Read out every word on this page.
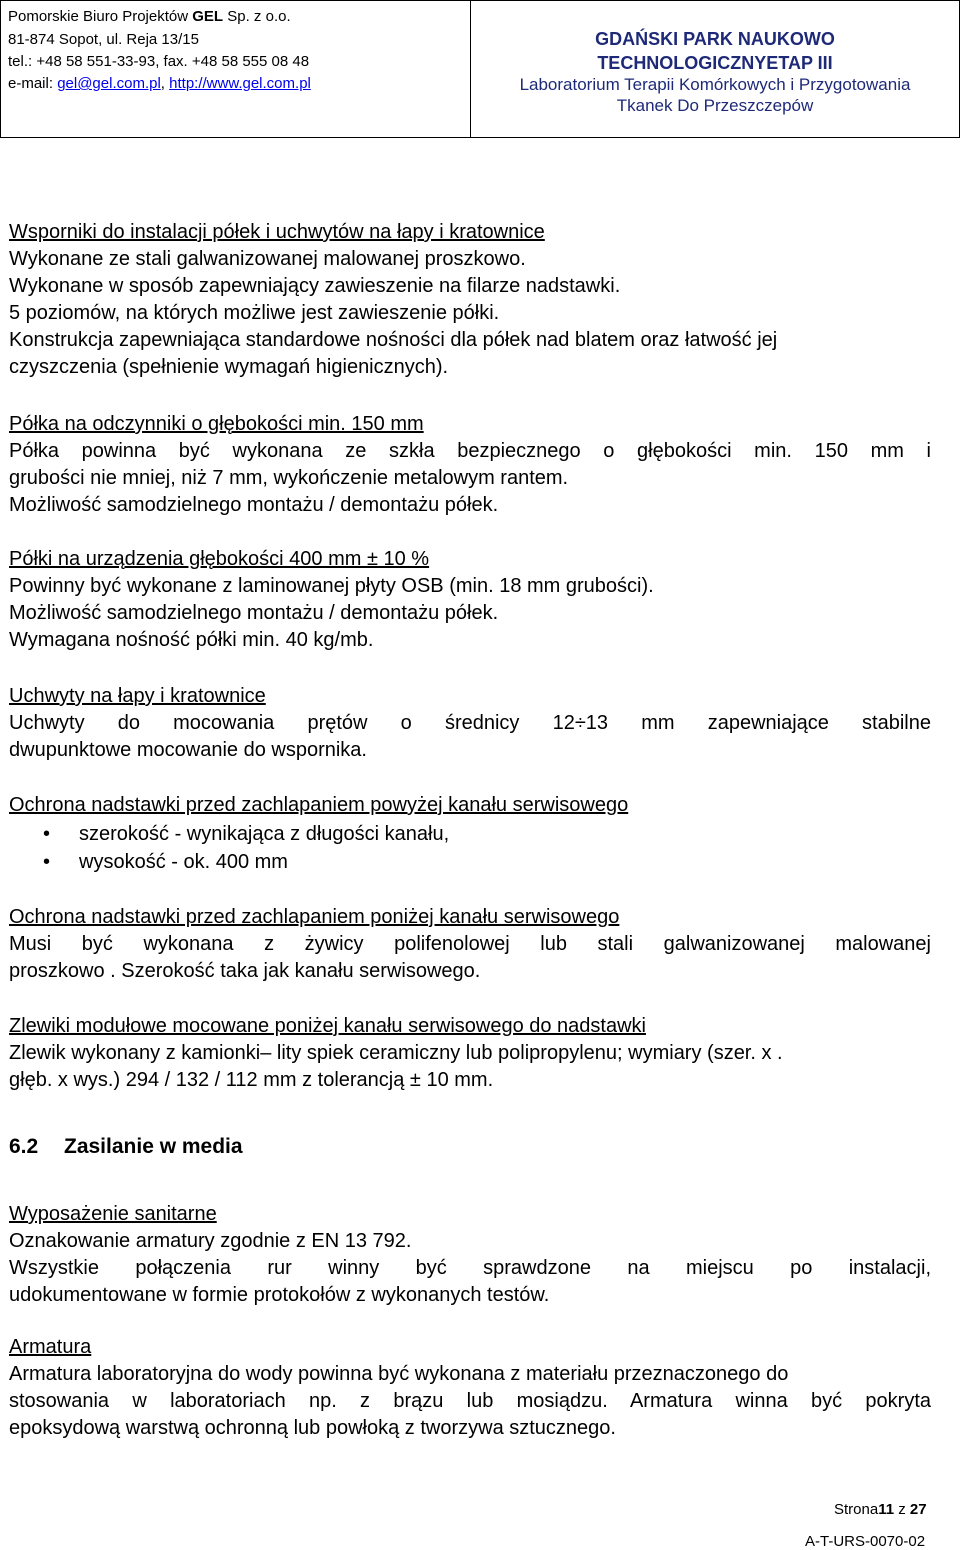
Pomorskie Biuro Projektów GEL Sp. z o.o.
81-874 Sopot, ul. Reja 13/15
tel.: +48 58 551-33-93, fax. +48 58 555 08 48
e-mail: gel@gel.com.pl, http://www.gel.com.pl
GDAŃSKI PARK NAUKOWO
TECHNOLOGICZNYETAP III
Laboratorium Terapii Komórkowych i Przygotowania
Tkanek Do Przeszczepów
Wsporniki do instalacji półek i uchwytów na łapy i kratownice
Wykonane ze stali galwanizowanej malowanej proszkowo.
Wykonane w sposób zapewniający zawieszenie na filarze nadstawki.
5 poziomów, na których możliwe jest zawieszenie półki.
Konstrukcja zapewniająca standardowe nośności dla półek nad blatem oraz łatwość jej
czyszczenia (spełnienie wymagań higienicznych).
Półka na odczynniki o głębokości min. 150 mm
Półka powinna być wykonana ze szkła bezpiecznego o głębokości min. 150 mm i
grubości nie mniej, niż 7 mm, wykończenie metalowym rantem.
Możliwość samodzielnego montażu / demontażu półek.
Półki na urządzenia głębokości 400 mm ± 10 %
Powinny być wykonane z laminowanej płyty OSB (min. 18 mm grubości).
Możliwość samodzielnego montażu / demontażu półek.
Wymagana nośność półki min. 40 kg/mb.
Uchwyty na łapy i kratownice
Uchwyty do mocowania prętów o średnicy 12÷13 mm zapewniające stabilne
dwupunktowe mocowanie do wspornika.
Ochrona nadstawki przed zachlapaniem powyżej kanału serwisowego
• szerokość - wynikająca z długości kanału,
• wysokość - ok. 400 mm
Ochrona nadstawki przed zachlapaniem poniżej kanału serwisowego
Musi być wykonana z żywicy polifenolowej lub stali galwanizowanej malowanej
proszkowo . Szerokość taka jak kanału serwisowego.
Zlewiki modułowe mocowane poniżej kanału serwisowego do nadstawki
Zlewik wykonany z kamionki– lity spiek ceramiczny lub polipropylenu; wymiary (szer. x .
głęb. x wys.) 294 / 132 / 112 mm z tolerancją ± 10 mm.
6.2 Zasilanie w media
Wyposażenie sanitarne
Oznakowanie armatury zgodnie z EN 13 792.
Wszystkie połączenia rur winny być sprawdzone na miejscu po instalacji,
udokumentowane w formie protokołów z wykonanych testów.
Armatura
Armatura laboratoryjna do wody powinna być wykonana z materiału przeznaczonego do
stosowania w laboratoriach np. z brązu lub mosiądzu. Armatura winna być pokryta
epoksydową warstwą ochronną lub powłoką z tworzywa sztucznego.
Strona11 z 27
A-T-URS-0070-02
